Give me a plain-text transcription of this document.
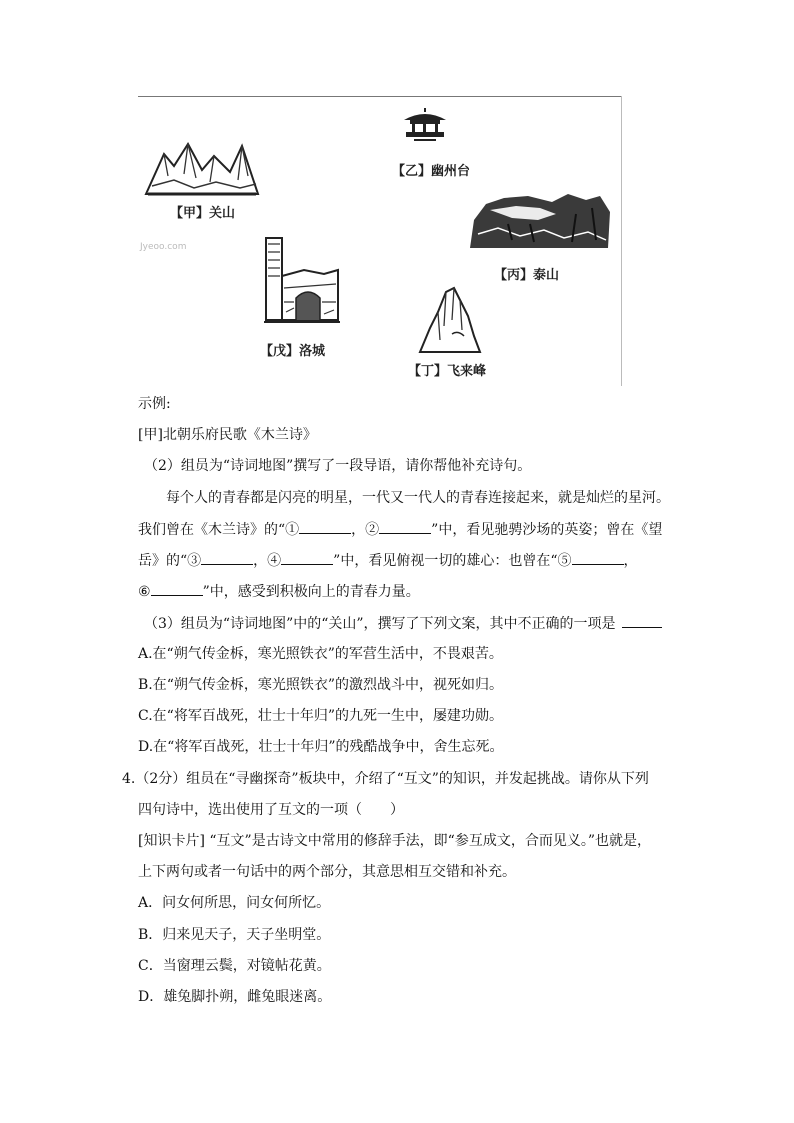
【甲】关山
Jyeoo.com
【乙】幽州台
【丙】泰山
【戊】洛城
【丁】飞来峰
示例:
[甲]北朝乐府民歌《木兰诗》
（2）组员为“诗词地图”撰写了一段导语，请你帮他补充诗句。
每个人的青春都是闪亮的明星，一代又一代人的青春连接起来，就是灿烂的星河。
我们曾在《木兰诗》的“①	，②	”中，看见驰骋沙场的英姿；曾在《望
岳》的“③	，④	”中，看见俯视一切的雄心：也曾在“⑤	，
⑥	”中，感受到积极向上的青春力量。
（3）组员为“诗词地图”中的“关山”，撰写了下列文案，其中不正确的一项是
A.在“朔气传金柝，寒光照铁衣”的军营生活中，不畏艰苦。
B.在“朔气传金柝，寒光照铁衣”的激烈战斗中，视死如归。
C.在“将军百战死，壮士十年归”的九死一生中，屡建功勋。
D.在“将军百战死，壮士十年归”的残酷战争中，舍生忘死。
4.（2分）组员在“寻幽探奇”板块中，介绍了“互文”的知识，并发起挑战。请你从下列
四句诗中，选出使用了互文的一项（　　）
[知识卡片] “互文”是古诗文中常用的修辞手法，即“参互成文，合而见义。”也就是，
上下两句或者一句话中的两个部分，其意思相互交错和补充。
A．问女何所思，问女何所忆。
B．归来见天子，天子坐明堂。
C．当窗理云鬓，对镜帖花黄。
D．雄兔脚扑朔，雌兔眼迷离。
